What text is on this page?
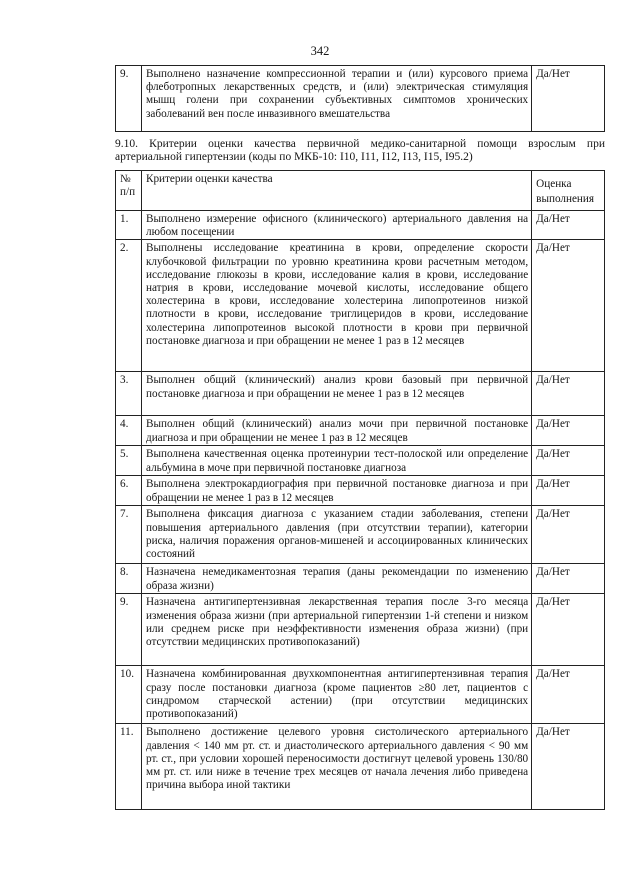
342
9.	Выполнено назначение компрессионной терапии и (или) курсового приема флеботропных лекарственных средств, и (или) электрическая стимуляция мышц голени при сохранении субъективных симптомов хронических заболеваний вен после инвазивного вмешательства	Да/Нет
9.10. Критерии оценки качества первичной медико-санитарной помощи взрослым при артериальной гипертензии (коды по МКБ-10: I10, I11, I12, I13, I15, I95.2)
№ п/п	Критерии оценки качества	Оценка выполнения
1.	Выполнено измерение офисного (клинического) артериального давления на любом посещении	Да/Нет
2.	Выполнены исследование креатинина в крови, определение скорости клубочковой фильтрации по уровню креатинина крови расчетным методом, исследование глюкозы в крови, исследование калия в крови, исследование натрия в крови, исследование мочевой кислоты, исследование общего холестерина в крови, исследование холестерина липопротеинов низкой плотности в крови, исследование триглицеридов в крови, исследование холестерина липопротеинов высокой плотности в крови при первичной постановке диагноза и при обращении не менее 1 раз в 12 месяцев	Да/Нет
3.	Выполнен общий (клинический) анализ крови базовый при первичной постановке диагноза и при обращении не менее 1 раз в 12 месяцев	Да/Нет
4.	Выполнен общий (клинический) анализ мочи при первичной постановке диагноза и при обращении не менее 1 раз в 12 месяцев	Да/Нет
5.	Выполнена качественная оценка протеинурии тест-полоской или определение альбумина в моче при первичной постановке диагноза	Да/Нет
6.	Выполнена электрокардиография при первичной постановке диагноза и при обращении не менее 1 раз в 12 месяцев	Да/Нет
7.	Выполнена фиксация диагноза с указанием стадии заболевания, степени повышения артериального давления (при отсутствии терапии), категории риска, наличия поражения органов-мишеней и ассоциированных клинических состояний	Да/Нет
8.	Назначена немедикаментозная терапия (даны рекомендации по изменению образа жизни)	Да/Нет
9.	Назначена антигипертензивная лекарственная терапия после 3-го месяца изменения образа жизни (при артериальной гипертензии 1-й степени и низком или среднем риске при неэффективности изменения образа жизни) (при отсутствии медицинских противопоказаний)	Да/Нет
10.	Назначена комбинированная двухкомпонентная антигипертензивная терапия сразу после постановки диагноза (кроме пациентов ≥80 лет, пациентов с синдромом старческой астении) (при отсутствии медицинских противопоказаний)	Да/Нет
11.	Выполнено достижение целевого уровня систолического артериального давления < 140 мм рт. ст. и диастолического артериального давления < 90 мм рт. ст., при условии хорошей переносимости достигнут целевой уровень 130/80 мм рт. ст. или ниже в течение трех месяцев от начала лечения либо приведена причина выбора иной тактики	Да/Нет
